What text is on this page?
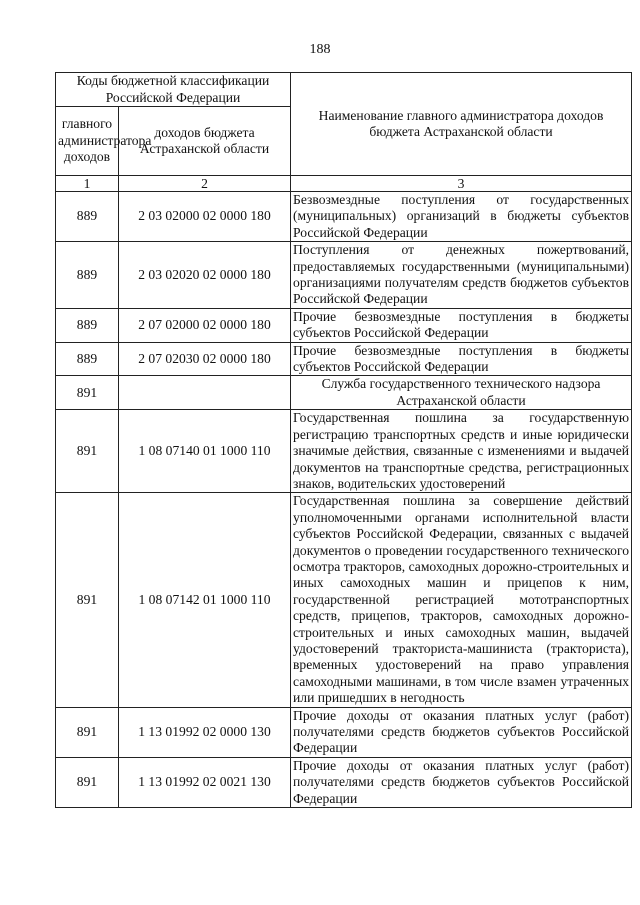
188
Коды бюджетной классификации Российской Федерации		Наименование главного администратора доходов бюджета Астраханской области
главного администратора доходов	доходов бюджета Астраханской области	
1	2	3
889	2 03 02000 02 0000 180	Безвозмездные поступления от государственных (муниципальных) организаций в бюджеты субъектов Российской Федерации
889	2 03 02020 02 0000 180	Поступления от денежных пожертвований, предоставляемых государственными (муниципальными) организациями получателям средств бюджетов субъектов Российской Федерации
889	2 07 02000 02 0000 180	Прочие безвозмездные поступления в бюджеты субъектов Российской Федерации
889	2 07 02030 02 0000 180	Прочие безвозмездные поступления в бюджеты субъектов Российской Федерации
891		Служба государственного технического надзора Астраханской области
891	1 08 07140 01 1000 110	Государственная пошлина за государственную регистрацию транспортных средств и иные юридически значимые действия, связанные с изменениями и выдачей документов на транспортные средства, регистрационных знаков, водительских удостоверений
891	1 08 07142 01 1000 110	Государственная пошлина за совершение действий уполномоченными органами исполнительной власти субъектов Российской Федерации, связанных с выдачей документов о проведении государственного технического осмотра тракторов, самоходных дорожно-строительных и иных самоходных машин и прицепов к ним, государственной регистрацией мототранспортных средств, прицепов, тракторов, самоходных дорожно-строительных и иных самоходных машин, выдачей удостоверений тракториста-машиниста (тракториста), временных удостоверений на право управления самоходными машинами, в том числе взамен утраченных или пришедших в негодность
891	1 13 01992 02 0000 130	Прочие доходы от оказания платных услуг (работ) получателями средств бюджетов субъектов Российской Федерации
891	1 13 01992 02 0021 130	Прочие доходы от оказания платных услуг (работ) получателями средств бюджетов субъектов Российской Федерации
